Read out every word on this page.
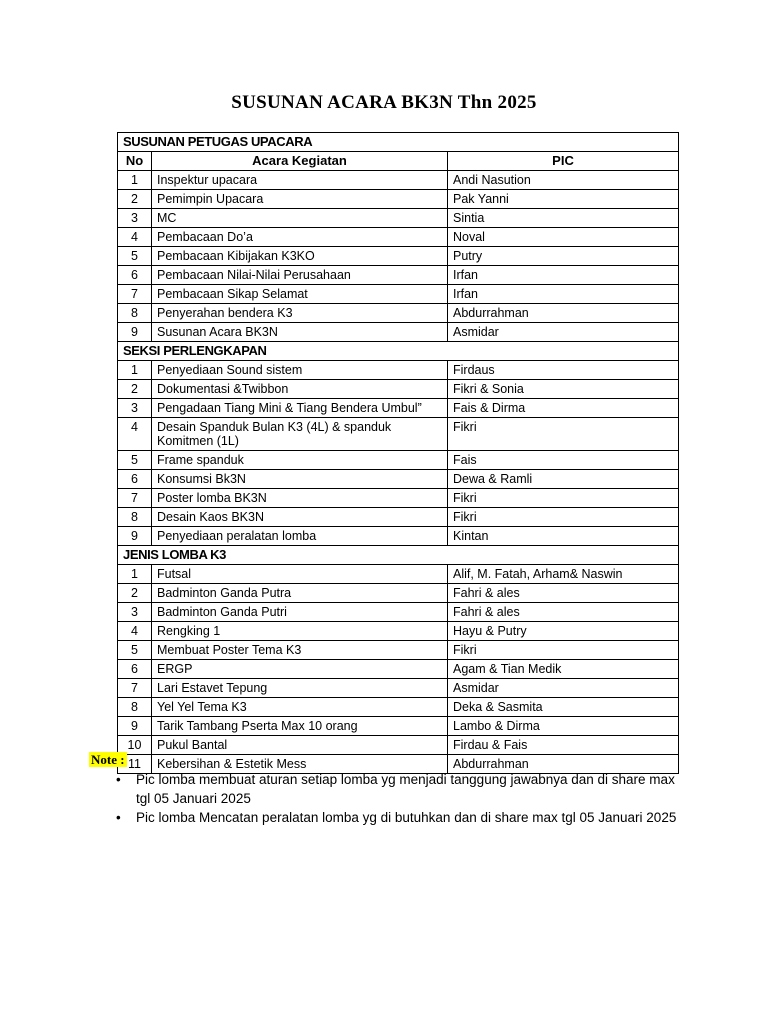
SUSUNAN ACARA BK3N Thn 2025
SUSUNAN PETUGAS UPACARA		
No	Acara Kegiatan	PIC
1	Inspektur upacara	Andi Nasution
2	Pemimpin Upacara	Pak Yanni
3	MC	Sintia
4	Pembacaan Do’a	Noval
5	Pembacaan Kibijakan K3KO	Putry
6	Pembacaan Nilai-Nilai Perusahaan	Irfan
7	Pembacaan Sikap Selamat	Irfan
8	Penyerahan bendera K3	Abdurrahman
9	Susunan Acara BK3N	Asmidar
SEKSI PERLENGKAPAN		
1	Penyediaan Sound sistem	Firdaus
2	Dokumentasi &Twibbon	Fikri & Sonia
3	Pengadaan Tiang Mini & Tiang Bendera Umbul”	Fais & Dirma
4	Desain Spanduk Bulan K3 (4L) & spanduk Komitmen (1L)	Fikri
5	Frame spanduk	Fais
6	Konsumsi Bk3N	Dewa & Ramli
7	Poster lomba BK3N	Fikri
8	Desain Kaos BK3N	Fikri
9	Penyediaan peralatan lomba	Kintan
JENIS LOMBA K3		
1	Futsal	Alif, M. Fatah, Arham& Naswin
2	Badminton Ganda Putra	Fahri & ales
3	Badminton Ganda Putri	Fahri & ales
4	Rengking 1	Hayu & Putry
5	Membuat Poster Tema K3	Fikri
6	ERGP	Agam & Tian Medik
7	Lari Estavet Tepung	Asmidar
8	Yel Yel Tema K3	Deka & Sasmita
9	Tarik Tambang Pserta Max 10 orang	Lambo & Dirma
10	Pukul Bantal	Firdau & Fais
11	Kebersihan & Estetik Mess	Abdurrahman
Note :
• Pic lomba membuat aturan setiap lomba yg menjadi tanggung jawabnya dan di share max tgl 05 Januari 2025
• Pic lomba Mencatan peralatan lomba yg di butuhkan dan di share max tgl 05 Januari 2025
